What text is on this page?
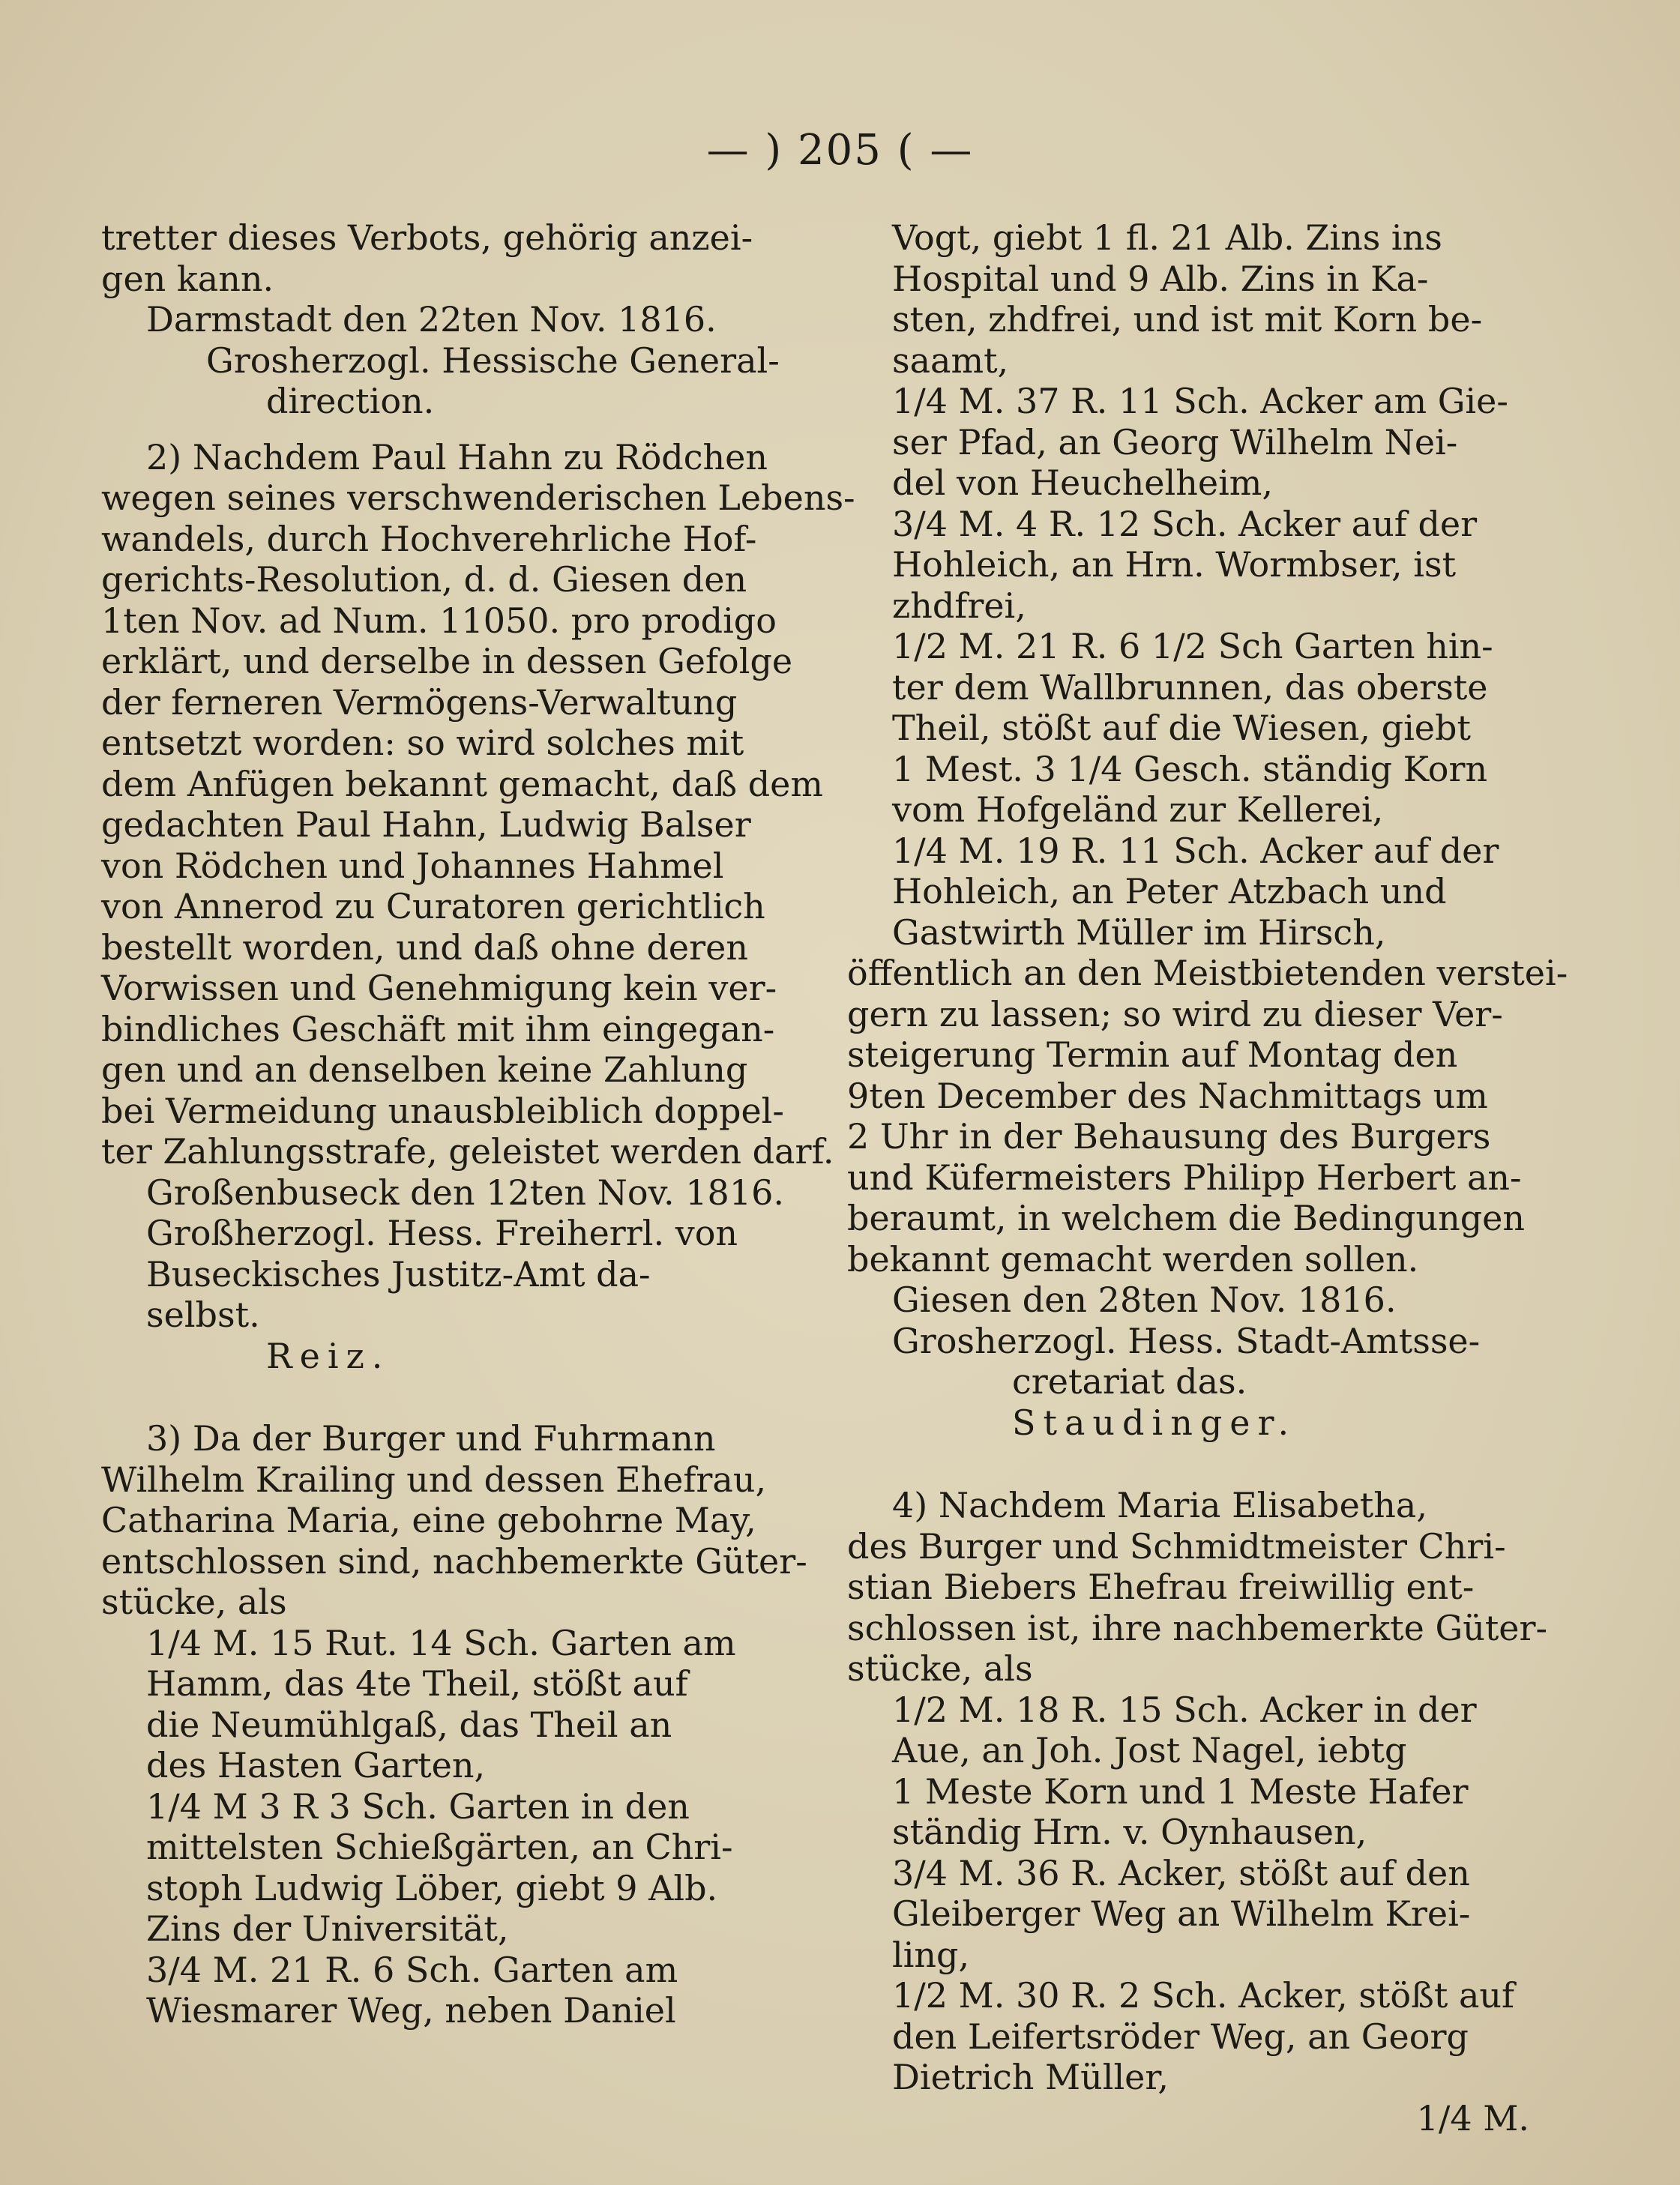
— ) 205 ( —

tretter dieses Verbots, gehörig anzei-

gen kann.

Darmstadt den 22ten Nov. 1816.

Grosherzogl. Hessische General-

direction.

2) Nachdem Paul Hahn zu Rödchen

wegen seines verschwenderischen Lebens-

wandels, durch Hochverehrliche Hof-

gerichts-Resolution, d. d. Giesen den

1ten Nov. ad Num. 11050. pro prodigo

erklärt, und derselbe in dessen Gefolge

der ferneren Vermögens-Verwaltung

entsetzt worden: so wird solches mit

dem Anfügen bekannt gemacht, daß dem

gedachten Paul Hahn, Ludwig Balser

von Rödchen und Johannes Hahmel

von Annerod zu Curatoren gerichtlich

bestellt worden, und daß ohne deren

Vorwissen und Genehmigung kein ver-

bindliches Geschäft mit ihm eingegan-

gen und an denselben keine Zahlung

bei Vermeidung unausbleiblich doppel-

ter Zahlungsstrafe, geleistet werden darf.

Großenbuseck den 12ten Nov. 1816.

Großherzogl. Hess. Freiherrl. von

Buseckisches Justitz-Amt da-

selbst.

Reiz.

3) Da der Burger und Fuhrmann

Wilhelm Krailing und dessen Ehefrau,

Catharina Maria, eine gebohrne May,

entschlossen sind, nachbemerkte Güter-

stücke, als

1/4 M. 15 Rut. 14 Sch. Garten am

Hamm, das 4te Theil, stößt auf

die Neumühlgaß, das Theil an

des Hasten Garten,

1/4 M 3 R 3 Sch. Garten in den

mittelsten Schießgärten, an Chri-

stoph Ludwig Löber, giebt 9 Alb.

Zins der Universität,

3/4 M. 21 R. 6 Sch. Garten am

Wiesmarer Weg, neben Daniel

Vogt, giebt 1 fl. 21 Alb. Zins ins

Hospital und 9 Alb. Zins in Ka-

sten, zhdfrei, und ist mit Korn be-

saamt,

1/4 M. 37 R. 11 Sch. Acker am Gie-

ser Pfad, an Georg Wilhelm Nei-

del von Heuchelheim,

3/4 M. 4 R. 12 Sch. Acker auf der

Hohleich, an Hrn. Wormbser, ist

zhdfrei,

1/2 M. 21 R. 6 1/2 Sch Garten hin-

ter dem Wallbrunnen, das oberste

Theil, stößt auf die Wiesen, giebt

1 Mest. 3 1/4 Gesch. ständig Korn

vom Hofgeländ zur Kellerei,

1/4 M. 19 R. 11 Sch. Acker auf der

Hohleich, an Peter Atzbach und

Gastwirth Müller im Hirsch,

öffentlich an den Meistbietenden verstei-

gern zu lassen; so wird zu dieser Ver-

steigerung Termin auf Montag den

9ten December des Nachmittags um

2 Uhr in der Behausung des Burgers

und Küfermeisters Philipp Herbert an-

beraumt, in welchem die Bedingungen

bekannt gemacht werden sollen.

Giesen den 28ten Nov. 1816.

Grosherzogl. Hess. Stadt-Amtsse-

cretariat das.

Staudinger.

4) Nachdem Maria Elisabetha,

des Burger und Schmidtmeister Chri-

stian Biebers Ehefrau freiwillig ent-

schlossen ist, ihre nachbemerkte Güter-

stücke, als

1/2 M. 18 R. 15 Sch. Acker in der

Aue, an Joh. Jost Nagel, iebtg

1 Meste Korn und 1 Meste Hafer

ständig Hrn. v. Oynhausen,

3/4 M. 36 R. Acker, stößt auf den

Gleiberger Weg an Wilhelm Krei-

ling,

1/2 M. 30 R. 2 Sch. Acker, stößt auf

den Leifertsröder Weg, an Georg

Dietrich Müller,

1/4 M.
